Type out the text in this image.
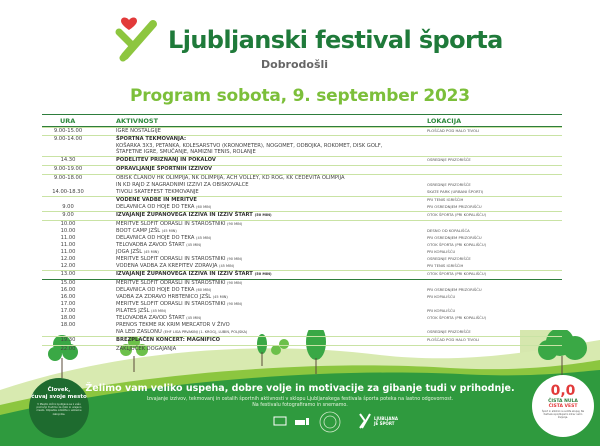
Ljubljanski festival športa
Dobrodošli
Program sobota, 9. september 2023
URA	AKTIVNOST	LOKACIJA
9.00-15.00	IGRE NOSTALGIJE	PLOŠČAD POD HALO TIVOLI
9.00-14.00	ŠPORTNA TEKMOVANJA:
KOŠARKA 3X3, PETANKA, KOLESARSTVO (KRONOMETER), NOGOMET, ODBOJKA, ROKOMET, DISK GOLF,
ŠTAFETNE IGRE, SMUČANJE, NAMIZNI TENIS, ROLANJE
14.30	PODELITEV PRIZNANJ IN POKALOV	OSREDNJE PRIZORIŠČE
9.00-19.00	OPRAVLJANJE ŠPORTNIH IZZIVOV
9.00-18.00	OBISK ČLANOV HK OLIMPIJA, NK OLIMPIJA, ACH VOLLEY, KD ROG, KK CEDEVITA OLIMPIJA
IN KD RAJD Z NAGRADNIMI IZZIVI ZA OBISKOVALCE	OSREDNJE PRIZORIŠČE
14.00-18.30	TIVOLI SKATEFEST TEKMOVANJE	SKATE PARK (URBANI ŠPORTI)
VODENE VADBE IN MERITVE	PRI TENIS IGRIŠČIH
9.00	DELAVNICA OD HOJE DO TEKA (60 MIN)	PRI OSREDNJEM PRIZORIŠČU
9.00	IZVAJANJE ŽUPANOVEGA IZZIVA IN IZZIV ŠTART (50 MIN)	OTOK ŠPORTA (PRI KOPALIŠČU)
10.00	MERITVE SLOFIT ODRASLI IN STAROSTNIKI (90 MIN)
10.00	BOOT CAMP JZŠL (45 MIN)	DESNO OD KOPALIŠČA
11.00	DELAVNICA OD HOJE DO TEKA (45 MIN)	PRI OSREDNJEM PRIZORIŠČU
11.00	TELOVADBA ZAVOD ŠTART (45 MIN)	OTOK ŠPORTA (PRI KOPALIŠČU)
11.00	JOGA JZŠL (45 MIN)	PRI KOPALIŠČU
12.00	MERITVE SLOFIT ODRASLI IN STAROSTNIKI (90 MIN)	OSREDNJE PRIZORIŠČE
12.00	VODENA VADBA ZA KREPITEV ZDRAVJA (45 MIN)	PRI TENIS IGRIŠČIH
13.00	IZVAJANJE ŽUPANOVEGA IZZIVA IN IZZIV ŠTART (50 MIN)	OTOK ŠPORTA (PRI KOPALIŠČU)
15.00	MERITVE SLOFIT ODRASLI IN STAROSTNIKI (90 MIN)
16.00	DELAVNICA OD HOJE DO TEKA (60 MIN)	PRI OSREDNJEM PRIZORIŠČU
16.00	VADBA ZA ZDRAVO HRBTENICO JZŠL (45 MIN)	PRI KOPALIŠČU
17.00	MERITVE SLOFIT ODRASLI IN STAROSTNIKI (90 MIN)
17.00	PILATES JZŠL (45 MIN)	PRI KOPALIŠČU
18.00	TELOVADBA ZAVOD ŠTART (45 MIN)	OTOK ŠPORTA (PRI KOPALIŠČU)
18.00	PRENOS TEKME RK KRIM MERCATOR V ŽIVO
NA LED ZASLONU (EHF LIGA PRVAKINJ (1. KROG), LUBIN, POLJSKA)	OSREDNJE PRIZORIŠČE
19.30	BREZPLAČEN KONCERT: MAGNIFICO	PLOŠČAD POD HALO TIVOLI
22.00	ZAKLJUČEK DOGAJANJA
Želimo vam veliko uspeha, dobre volje in motivacije za gibanje tudi v prihodnje.
Izvajanje izzivov, tekmovanj in ostalih športnih aktivnosti v sklopu Ljubljanskega festivala športa poteka na lastno odgovornost.
Na festivalu fotografiramo in snemamo.
Človek,
čuvaj svoje mesto
V Mestni občini Ljubljana se z vašo pomočjo trudimo za čisto in urejeno mesto. Odpadke odložite v ustrezne zabojnike.
0,0
ČISTA NULA
ČISTA VEST
Šport in alkohol ne sodita skupaj. Na festivalu spodbujamo zdrav način življenja.
LJUBLJANA JE ŠPORT
